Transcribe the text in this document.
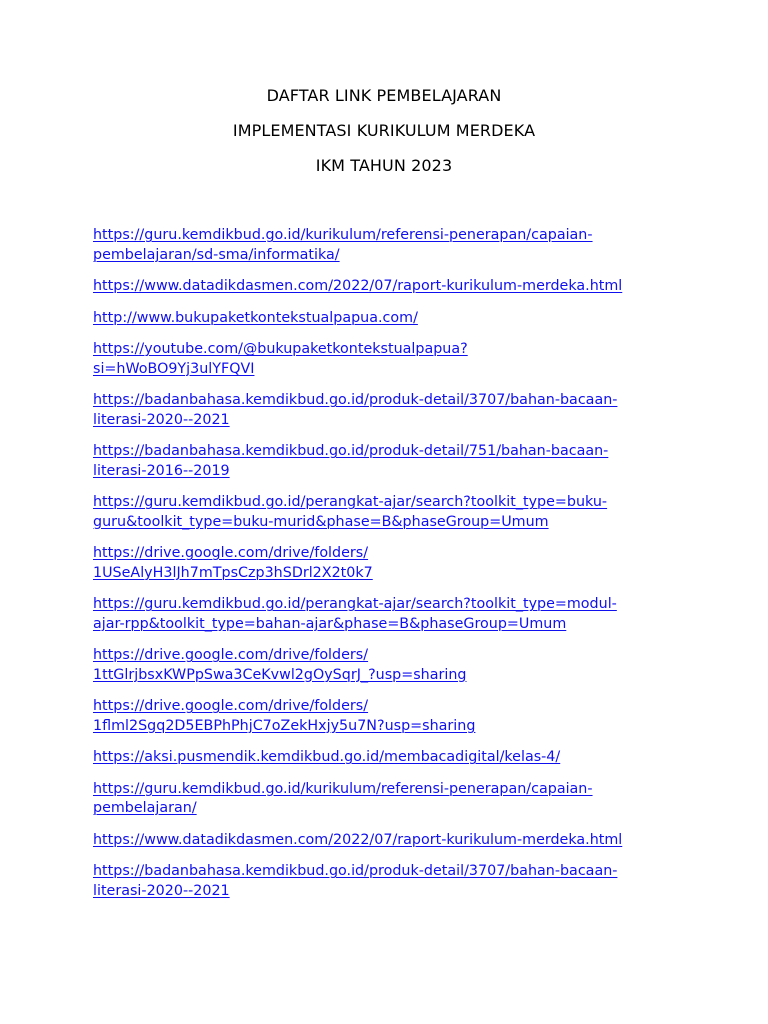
DAFTAR LINK PEMBELAJARAN
IMPLEMENTASI KURIKULUM MERDEKA
IKM TAHUN 2023
https://guru.kemdikbud.go.id/kurikulum/referensi-penerapan/capaian-
pembelajaran/sd-sma/informatika/
https://www.datadikdasmen.com/2022/07/raport-kurikulum-merdeka.html
http://www.bukupaketkontekstualpapua.com/
https://youtube.com/@bukupaketkontekstualpapua?
si=hWoBO9Yj3ulYFQVI
https://badanbahasa.kemdikbud.go.id/produk-detail/3707/bahan-bacaan-
literasi-2020--2021
https://badanbahasa.kemdikbud.go.id/produk-detail/751/bahan-bacaan-
literasi-2016--2019
https://guru.kemdikbud.go.id/perangkat-ajar/search?toolkit_type=buku-
guru&toolkit_type=buku-murid&phase=B&phaseGroup=Umum
https://drive.google.com/drive/folders/
1USeAlyH3lJh7mTpsCzp3hSDrl2X2t0k7
https://guru.kemdikbud.go.id/perangkat-ajar/search?toolkit_type=modul-
ajar-rpp&toolkit_type=bahan-ajar&phase=B&phaseGroup=Umum
https://drive.google.com/drive/folders/
1ttGlrjbsxKWPpSwa3CeKvwl2gOySqrJ_?usp=sharing
https://drive.google.com/drive/folders/
1flml2Sgq2D5EBPhPhjC7oZekHxjy5u7N?usp=sharing
https://aksi.pusmendik.kemdikbud.go.id/membacadigital/kelas-4/
https://guru.kemdikbud.go.id/kurikulum/referensi-penerapan/capaian-
pembelajaran/
https://www.datadikdasmen.com/2022/07/raport-kurikulum-merdeka.html
https://badanbahasa.kemdikbud.go.id/produk-detail/3707/bahan-bacaan-
literasi-2020--2021
